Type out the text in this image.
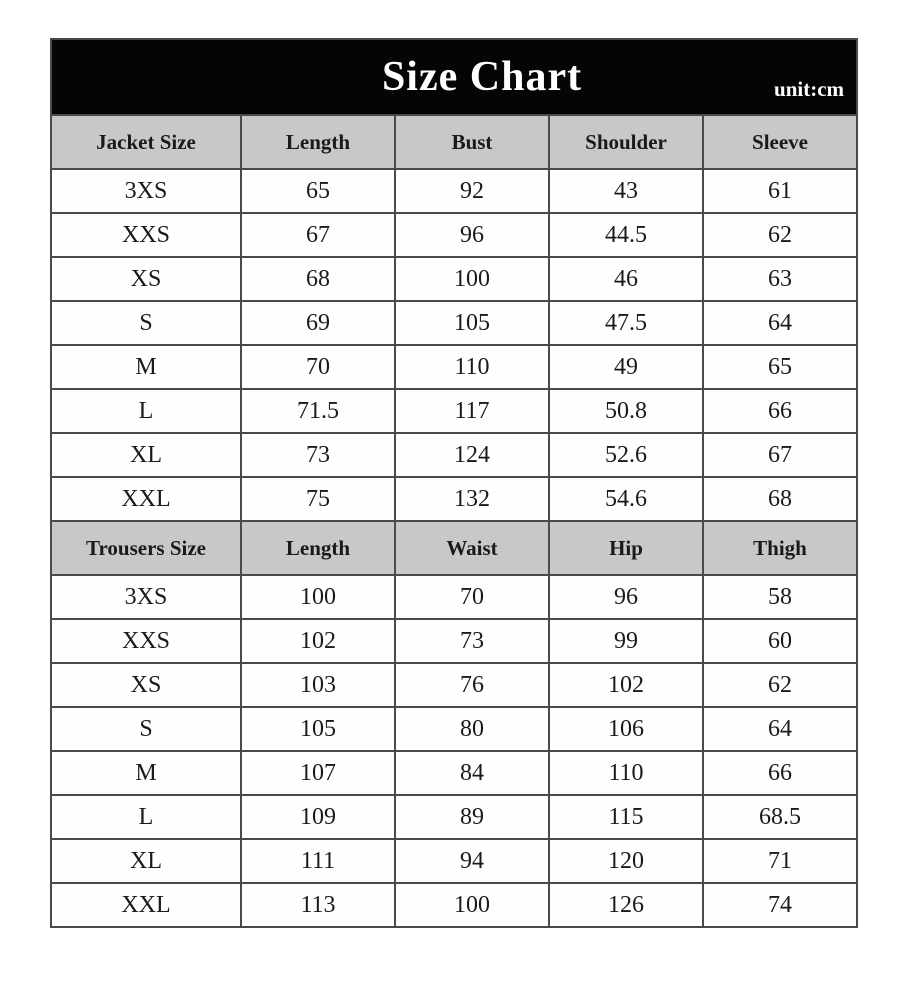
Size Chart unit:cm				

Jacket Size	Length	Bust	Shoulder	Sleeve
3XS	65	92	43	61
XXS	67	96	44.5	62
XS	68	100	46	63
S	69	105	47.5	64
M	70	110	49	65
L	71.5	117	50.8	66
XL	73	124	52.6	67
XXL	75	132	54.6	68
Trousers Size	Length	Waist	Hip	Thigh
3XS	100	70	96	58
XXS	102	73	99	60
XS	103	76	102	62
S	105	80	106	64
M	107	84	110	66
L	109	89	115	68.5
XL	111	94	120	71
XXL	113	100	126	74
